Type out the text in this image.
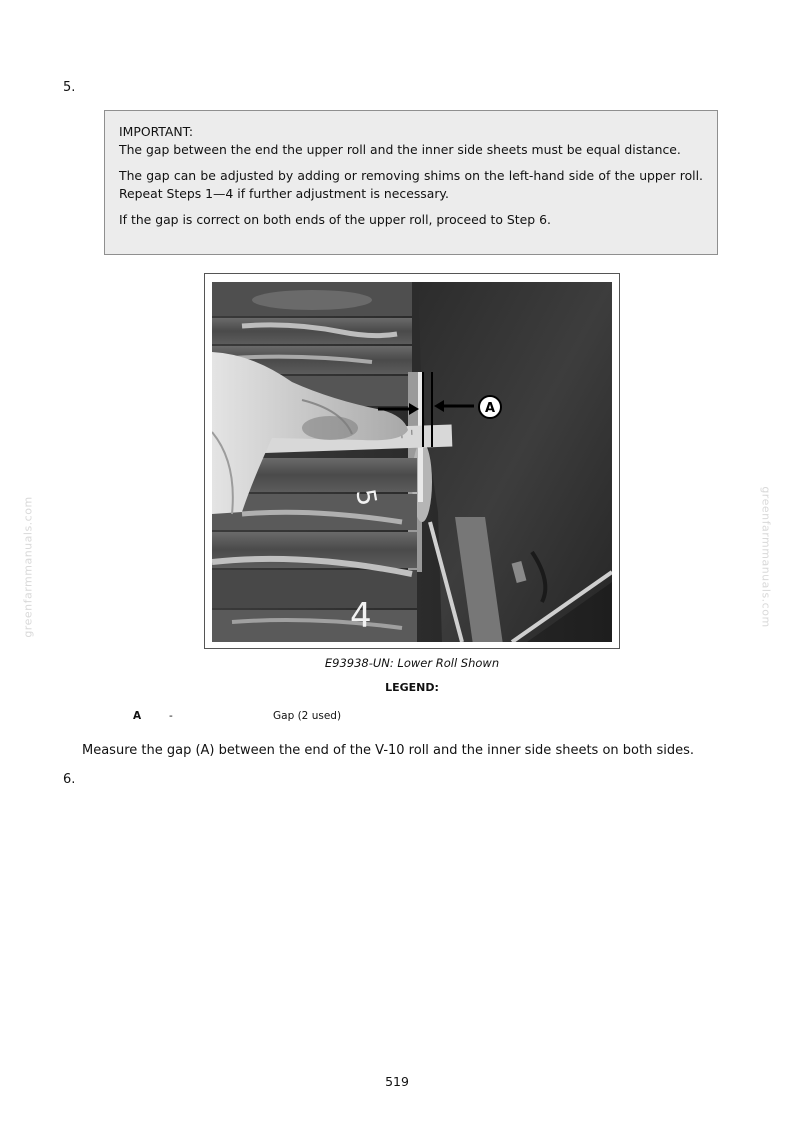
5.

IMPORTANT:

The gap between the end the upper roll and the inner side sheets must be equal distance.

The gap can be adjusted by adding or removing shims on the left-hand side of the upper roll. Repeat Steps 1—4 if further adjustment is necessary.

If the gap is correct on both ends of the upper roll, proceed to Step 6.

5
4
A
E93938-UN: Lower Roll Shown
LEGEND:
A	-	Gap (2 used)
Measure the gap (A) between the end of the V-10 roll and the inner side sheets on both sides.
6.
519
greenfarmmanuals.com	greenfarmmanuals.com
